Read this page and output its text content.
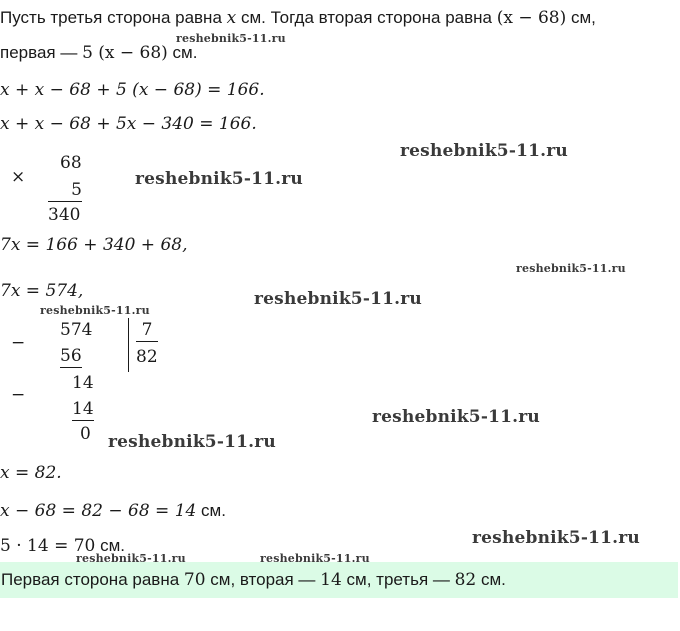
Пусть третья сторона равна x см. Тогда вторая сторона равна (x − 68) см,
первая — 5 (x − 68) см.
x + x − 68 + 5 (x − 68) = 166.
x + x − 68 + 5x − 340 = 166.
×
68
5
340
7x = 166 + 340 + 68,
7x = 574,
−
574
56
7
82
−
14
14
0
x = 82.
x − 68 = 82 − 68 = 14 см.
5 · 14 = 70 см.
Первая сторона равна 70 см, вторая — 14 см, третья — 82 см.
reshebnik5-11.ru
reshebnik5-11.ru
reshebnik5-11.ru
reshebnik5-11.ru
reshebnik5-11.ru
reshebnik5-11.ru
reshebnik5-11.ru
reshebnik5-11.ru
reshebnik5-11.ru
reshebnik5-11.ru	reshebnik5-11.ru
